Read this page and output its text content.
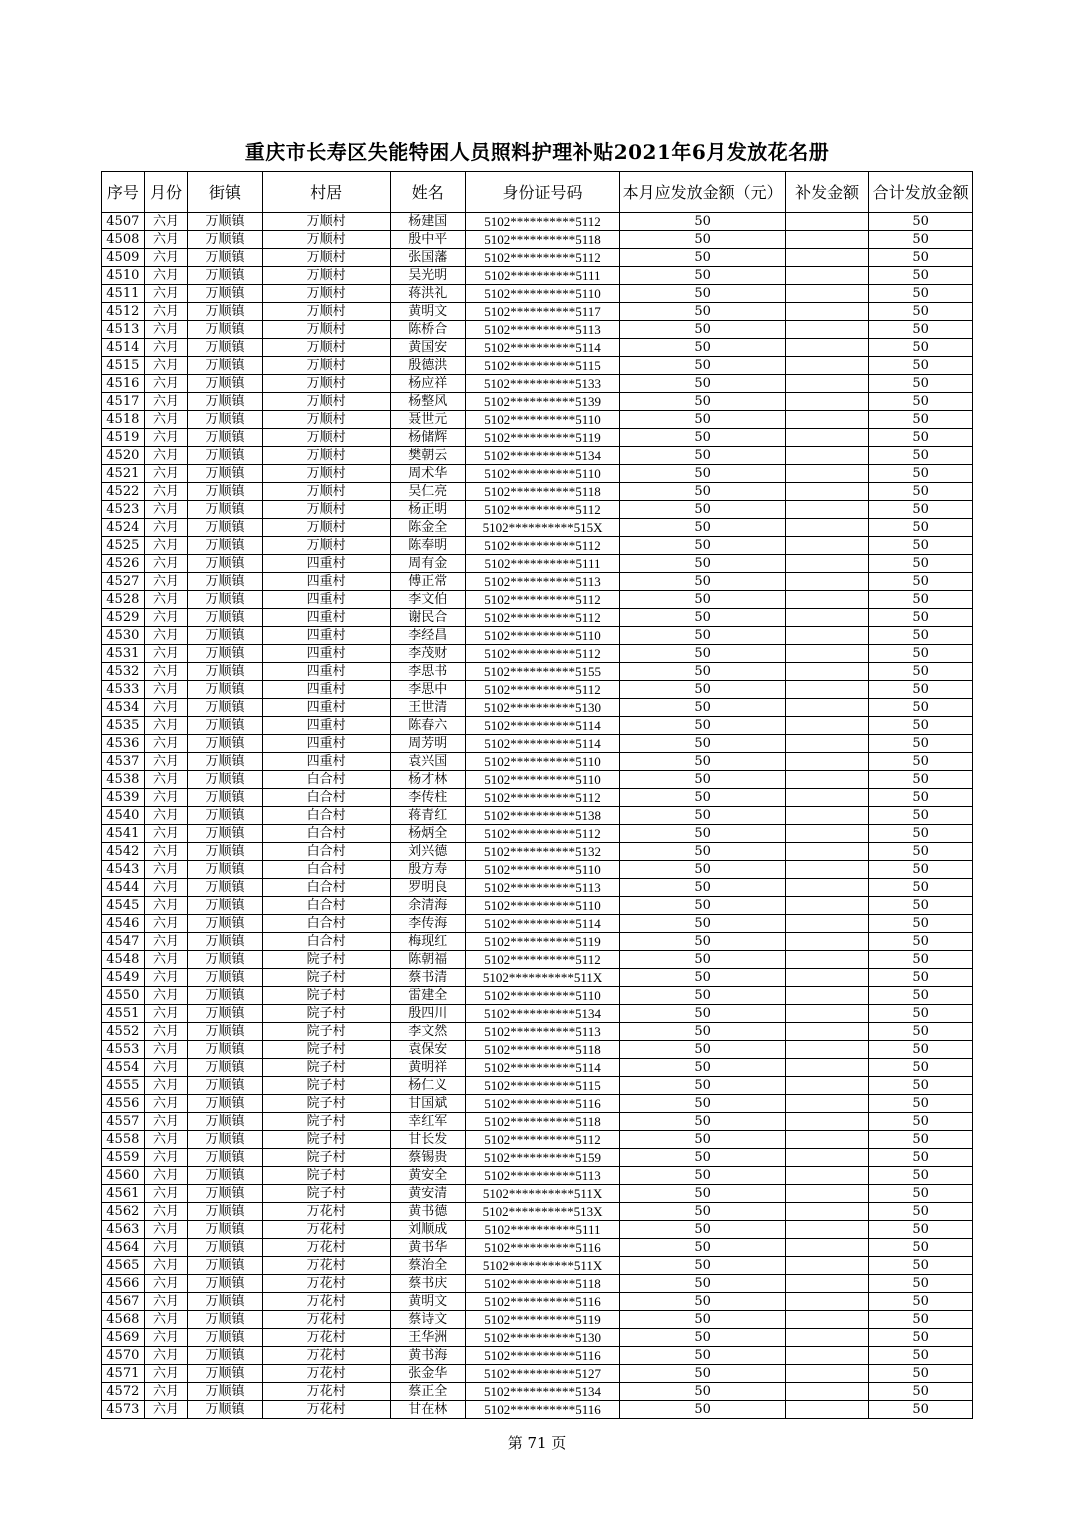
重庆市长寿区失能特困人员照料护理补贴2021年6月发放花名册
序号	月份	街镇	村居	姓名	身份证号码	本月应发放金额（元）	补发金额	合计发放金额
4507	六月	万顺镇	万顺村	杨建国	5102**********5112	50		50
4508	六月	万顺镇	万顺村	殷中平	5102**********5118	50		50
4509	六月	万顺镇	万顺村	张国藩	5102**********5112	50		50
4510	六月	万顺镇	万顺村	吴光明	5102**********5111	50		50
4511	六月	万顺镇	万顺村	蒋洪礼	5102**********5110	50		50
4512	六月	万顺镇	万顺村	黄明文	5102**********5117	50		50
4513	六月	万顺镇	万顺村	陈桥合	5102**********5113	50		50
4514	六月	万顺镇	万顺村	黄国安	5102**********5114	50		50
4515	六月	万顺镇	万顺村	殷德洪	5102**********5115	50		50
4516	六月	万顺镇	万顺村	杨应祥	5102**********5133	50		50
4517	六月	万顺镇	万顺村	杨整风	5102**********5139	50		50
4518	六月	万顺镇	万顺村	聂世元	5102**********5110	50		50
4519	六月	万顺镇	万顺村	杨储辉	5102**********5119	50		50
4520	六月	万顺镇	万顺村	樊朝云	5102**********5134	50		50
4521	六月	万顺镇	万顺村	周术华	5102**********5110	50		50
4522	六月	万顺镇	万顺村	吴仁亮	5102**********5118	50		50
4523	六月	万顺镇	万顺村	杨正明	5102**********5112	50		50
4524	六月	万顺镇	万顺村	陈金全	5102**********515X	50		50
4525	六月	万顺镇	万顺村	陈奉明	5102**********5112	50		50
4526	六月	万顺镇	四重村	周有金	5102**********5111	50		50
4527	六月	万顺镇	四重村	傅正常	5102**********5113	50		50
4528	六月	万顺镇	四重村	李文伯	5102**********5112	50		50
4529	六月	万顺镇	四重村	谢民合	5102**********5112	50		50
4530	六月	万顺镇	四重村	李经昌	5102**********5110	50		50
4531	六月	万顺镇	四重村	李茂财	5102**********5112	50		50
4532	六月	万顺镇	四重村	李思书	5102**********5155	50		50
4533	六月	万顺镇	四重村	李思中	5102**********5112	50		50
4534	六月	万顺镇	四重村	王世清	5102**********5130	50		50
4535	六月	万顺镇	四重村	陈春六	5102**********5114	50		50
4536	六月	万顺镇	四重村	周芳明	5102**********5114	50		50
4537	六月	万顺镇	四重村	袁兴国	5102**********5110	50		50
4538	六月	万顺镇	白合村	杨才林	5102**********5110	50		50
4539	六月	万顺镇	白合村	李传柱	5102**********5112	50		50
4540	六月	万顺镇	白合村	蒋青红	5102**********5138	50		50
4541	六月	万顺镇	白合村	杨炳全	5102**********5112	50		50
4542	六月	万顺镇	白合村	刘兴德	5102**********5132	50		50
4543	六月	万顺镇	白合村	殷方寿	5102**********5110	50		50
4544	六月	万顺镇	白合村	罗明良	5102**********5113	50		50
4545	六月	万顺镇	白合村	余清海	5102**********5110	50		50
4546	六月	万顺镇	白合村	李传海	5102**********5114	50		50
4547	六月	万顺镇	白合村	梅现红	5102**********5119	50		50
4548	六月	万顺镇	院子村	陈朝福	5102**********5112	50		50
4549	六月	万顺镇	院子村	蔡书清	5102**********511X	50		50
4550	六月	万顺镇	院子村	雷建全	5102**********5110	50		50
4551	六月	万顺镇	院子村	殷四川	5102**********5134	50		50
4552	六月	万顺镇	院子村	李文然	5102**********5113	50		50
4553	六月	万顺镇	院子村	袁保安	5102**********5118	50		50
4554	六月	万顺镇	院子村	黄明祥	5102**********5114	50		50
4555	六月	万顺镇	院子村	杨仁义	5102**********5115	50		50
4556	六月	万顺镇	院子村	甘国斌	5102**********5116	50		50
4557	六月	万顺镇	院子村	幸红军	5102**********5118	50		50
4558	六月	万顺镇	院子村	甘长发	5102**********5112	50		50
4559	六月	万顺镇	院子村	蔡锡贵	5102**********5159	50		50
4560	六月	万顺镇	院子村	黄安全	5102**********5113	50		50
4561	六月	万顺镇	院子村	黄安清	5102**********511X	50		50
4562	六月	万顺镇	万花村	黄书德	5102**********513X	50		50
4563	六月	万顺镇	万花村	刘顺成	5102**********5111	50		50
4564	六月	万顺镇	万花村	黄书华	5102**********5116	50		50
4565	六月	万顺镇	万花村	蔡治全	5102**********511X	50		50
4566	六月	万顺镇	万花村	蔡书庆	5102**********5118	50		50
4567	六月	万顺镇	万花村	黄明文	5102**********5116	50		50
4568	六月	万顺镇	万花村	蔡诗文	5102**********5119	50		50
4569	六月	万顺镇	万花村	王华洲	5102**********5130	50		50
4570	六月	万顺镇	万花村	黄书海	5102**********5116	50		50
4571	六月	万顺镇	万花村	张金华	5102**********5127	50		50
4572	六月	万顺镇	万花村	蔡正全	5102**********5134	50		50
4573	六月	万顺镇	万花村	甘在林	5102**********5116	50		50
第 71 页
